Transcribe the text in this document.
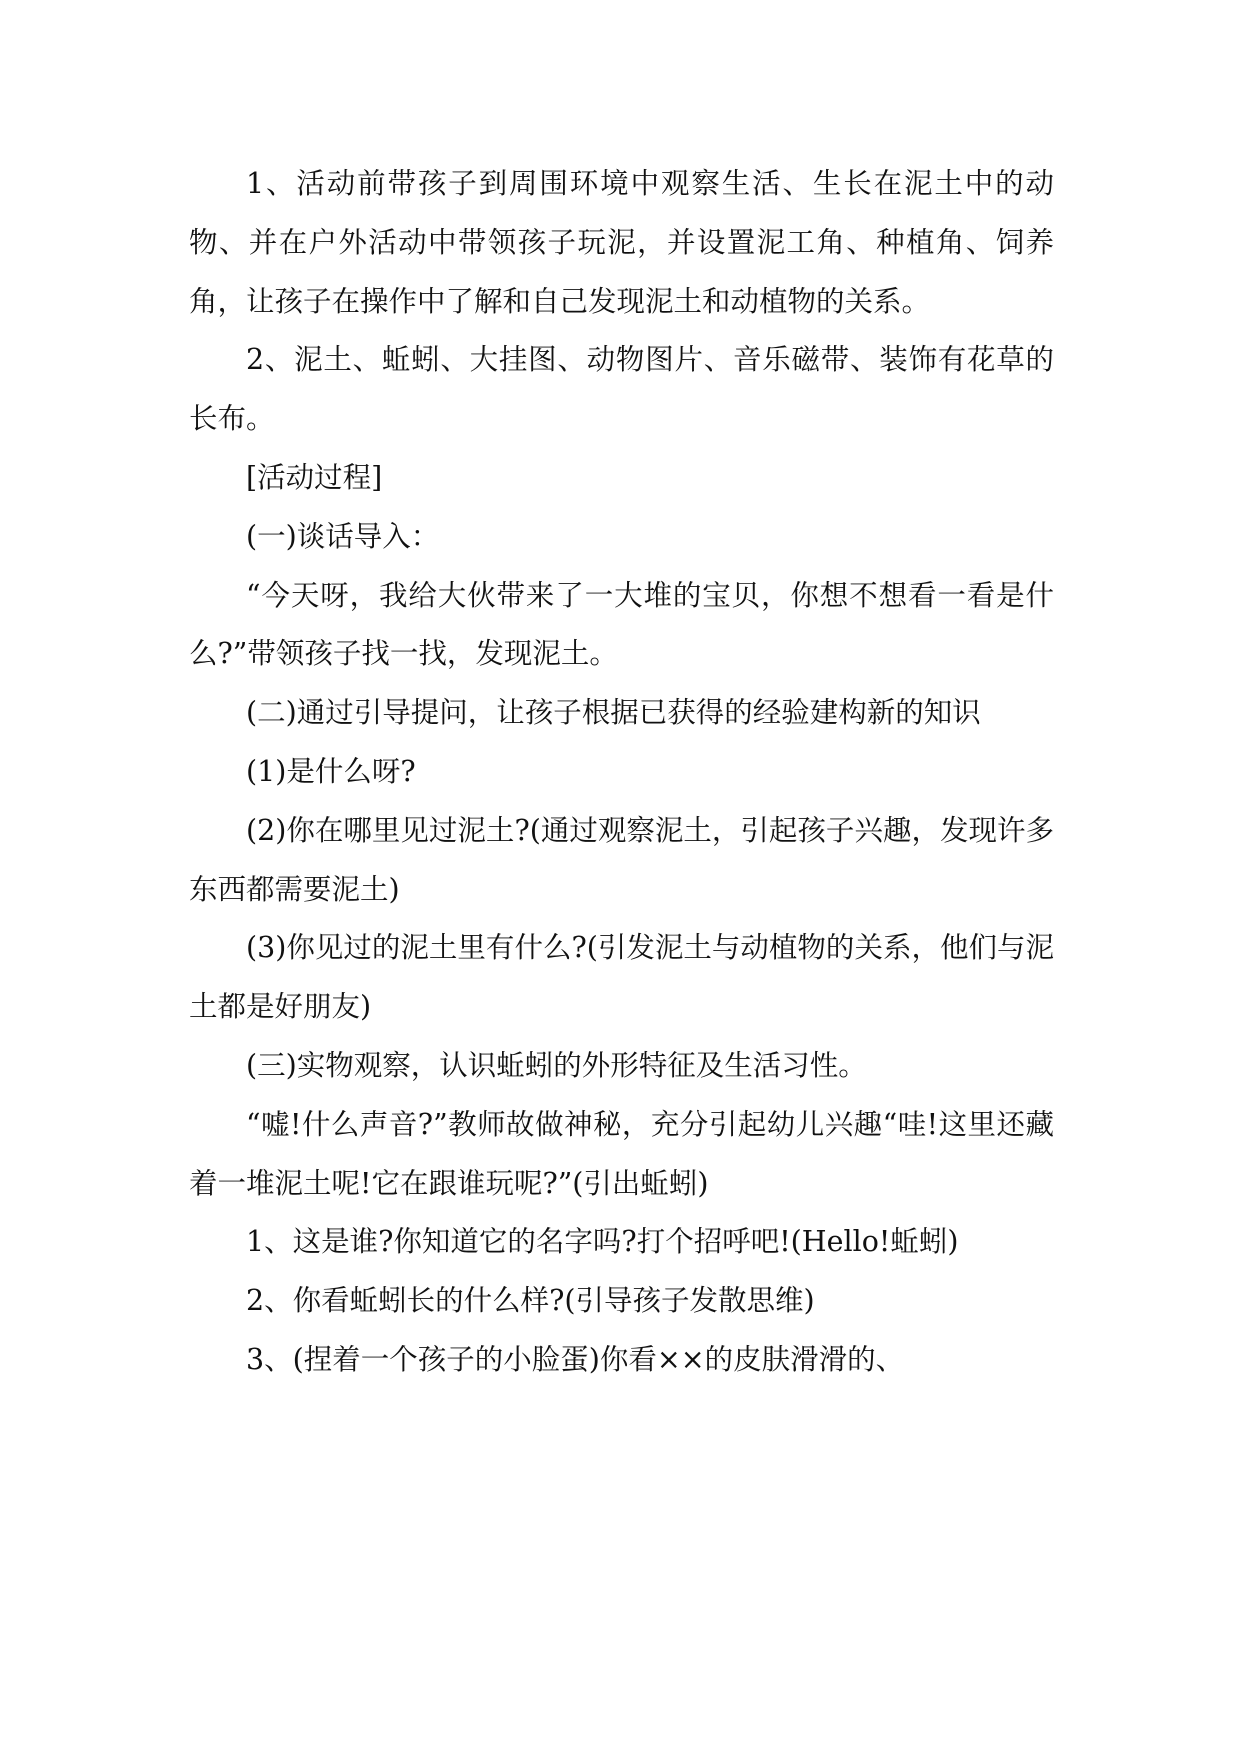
1、活动前带孩子到周围环境中观察生活、生长在泥土中的动物、并在户外活动中带领孩子玩泥，并设置泥工角、种植角、饲养角，让孩子在操作中了解和自己发现泥土和动植物的关系。

2、泥土、蚯蚓、大挂图、动物图片、音乐磁带、装饰有花草的长布。

[活动过程]

(一)谈话导入：

“今天呀，我给大伙带来了一大堆的宝贝，你想不想看一看是什么?”带领孩子找一找，发现泥土。

(二)通过引导提问，让孩子根据已获得的经验建构新的知识

(1)是什么呀?

(2)你在哪里见过泥土?(通过观察泥土，引起孩子兴趣，发现许多东西都需要泥土)

(3)你见过的泥土里有什么?(引发泥土与动植物的关系，他们与泥土都是好朋友)

(三)实物观察，认识蚯蚓的外形特征及生活习性。

“嘘!什么声音?”教师故做神秘，充分引起幼儿兴趣“哇!这里还藏着一堆泥土呢!它在跟谁玩呢?”(引出蚯蚓)

1、这是谁?你知道它的名字吗?打个招呼吧!(Hello!蚯蚓)

2、你看蚯蚓长的什么样?(引导孩子发散思维)

3、(捏着一个孩子的小脸蛋)你看××的皮肤滑滑的、
